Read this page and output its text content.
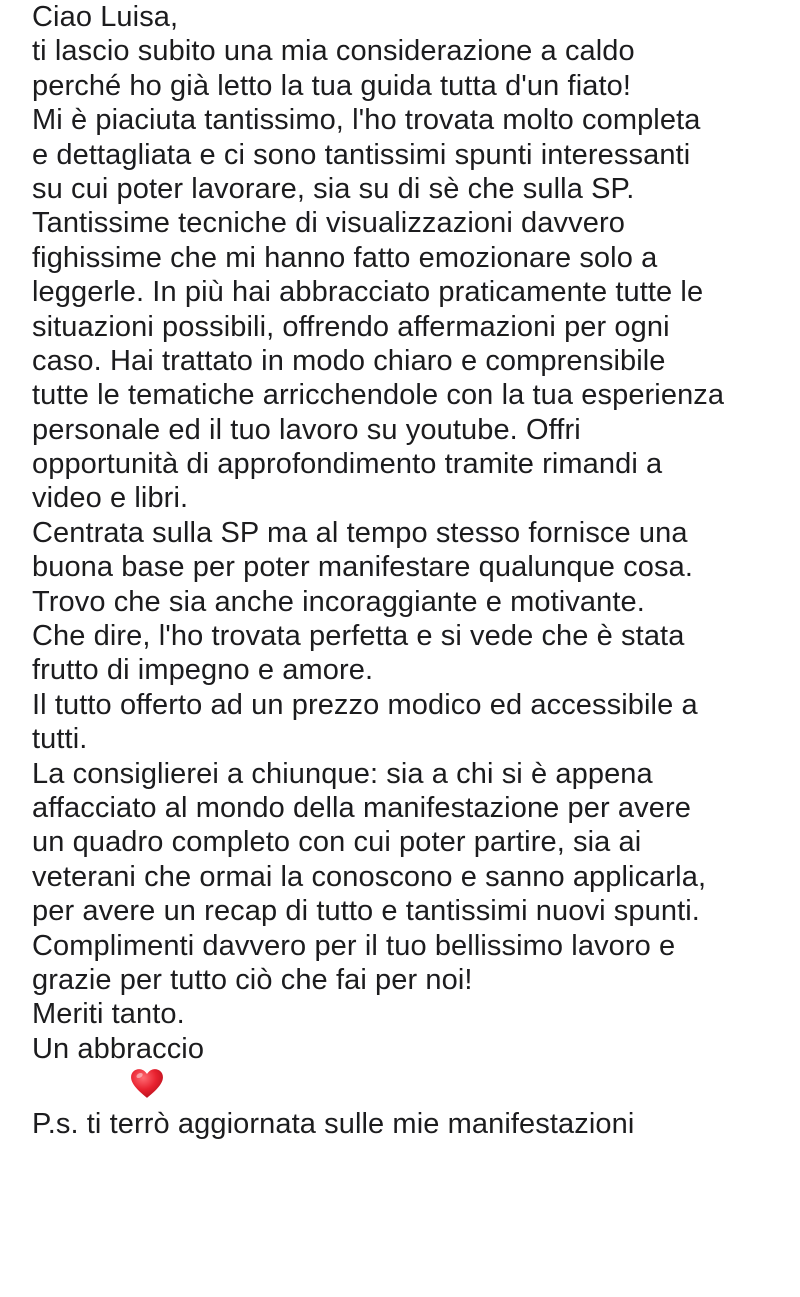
Ciao Luisa,
ti lascio subito una mia considerazione a caldo
perché ho già letto la tua guida tutta d'un fiato!
Mi è piaciuta tantissimo, l'ho trovata molto completa
e dettagliata e ci sono tantissimi spunti interessanti
su cui poter lavorare, sia su di sè che sulla SP.
Tantissime tecniche di visualizzazioni davvero
fighissime che mi hanno fatto emozionare solo a
leggerle. In più hai abbracciato praticamente tutte le
situazioni possibili, offrendo affermazioni per ogni
caso. Hai trattato in modo chiaro e comprensibile
tutte le tematiche arricchendole con la tua esperienza
personale ed il tuo lavoro su youtube. Offri
opportunità di approfondimento tramite rimandi a
video e libri.
Centrata sulla SP ma al tempo stesso fornisce una
buona base per poter manifestare qualunque cosa.
Trovo che sia anche incoraggiante e motivante.
Che dire, l'ho trovata perfetta e si vede che è stata
frutto di impegno e amore.
Il tutto offerto ad un prezzo modico ed accessibile a
tutti.
La consiglierei a chiunque: sia a chi si è appena
affacciato al mondo della manifestazione per avere
un quadro completo con cui poter partire, sia ai
veterani che ormai la conoscono e sanno applicarla,
per avere un recap di tutto e tantissimi nuovi spunti.
Complimenti davvero per il tuo bellissimo lavoro e
grazie per tutto ciò che fai per noi!
Meriti tanto.
Un abbraccio
P.s. ti terrò aggiornata sulle mie manifestazioni
